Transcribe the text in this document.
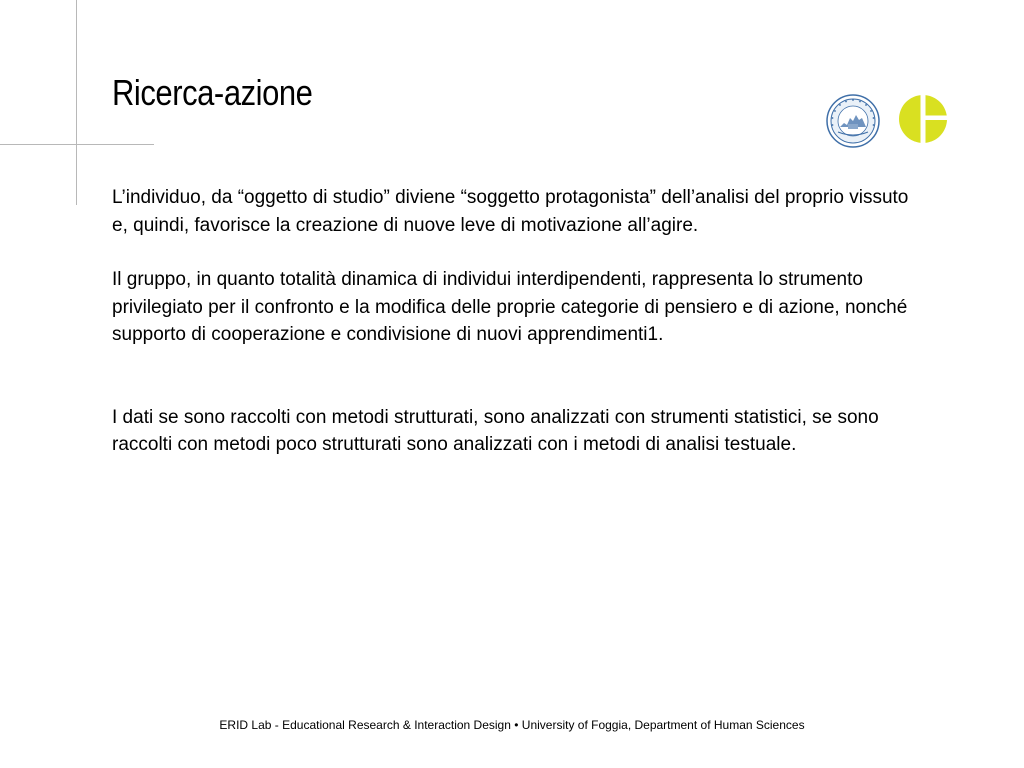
Ricerca-azione

L’individuo, da “oggetto di studio” diviene “soggetto protagonista” dell’analisi del proprio vissuto e, quindi, favorisce la creazione di nuove leve di motivazione all’agire.

Il gruppo, in quanto totalità dinamica di individui interdipendenti, rappresenta lo strumento privilegiato per il confronto e la modifica delle proprie categorie di pensiero e di azione, nonché supporto di cooperazione e condivisione di nuovi apprendimenti1.

I dati se sono raccolti con metodi strutturati, sono analizzati con strumenti statistici, se sono raccolti con metodi poco strutturati sono analizzati con i metodi di analisi testuale.

ERID Lab - Educational Research & Interaction Design • University of Foggia, Department of Human Sciences
